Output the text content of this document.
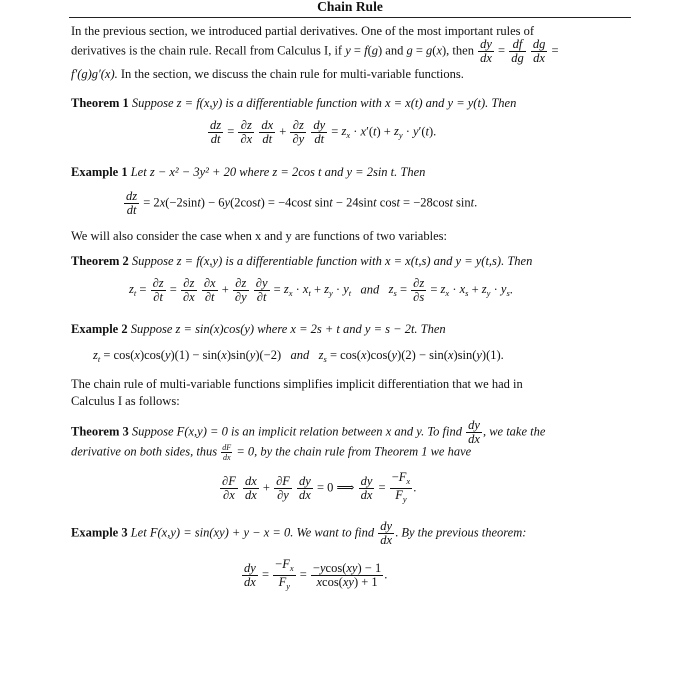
Chain Rule
In the previous section, we introduced partial derivatives. One of the most important rules of
derivatives is the chain rule. Recall from Calculus I, if y = f(g) and g = g(x), then $\frac{dy}{dx} = \frac{df}{dg}$
$\frac{dg}{dx}$ =
f′(g)g′(x). In the section, we discuss the chain rule for multi-variable functions.
Theorem 1 Suppose z = f(x,y) is a differentiable function with x = x(t) and y = y(t). Then
$\frac{dz}{dt} = \frac{\partial z}{\partial x}$
$\frac{dx}{dt} + \frac{\partial z}{\partial y}$
$\frac{dy}{dt} = z_x \cdot x'(t) + z_y \cdot y'(t)$.
Example 1 Let z − x² − 3y² + 20 where z = 2cos t and y = 2sin t. Then
$\frac{dz}{dt} = 2x(-2\sin t) - 6y(2\cos t) = -4\cos t$ sint − 24sint cost = −28cost sint.
We will also consider the case when x and y are functions of two variables:
Theorem 2 Suppose z = f(x,y) is a differentiable function with x = x(t,s) and y = y(t,s). Then
$z_t = \frac{\partial z}{\partial t} = \frac{\partial z}{\partial x}$
$\frac{\partial x}{\partial t} + \frac{\partial z}{\partial y}$
$\frac{\partial y}{\partial t} = z_x \cdot x_t + z_y \cdot y_t$ and $z_s = \frac{\partial z}{\partial s} = z_x \cdot x_s + z_y \cdot y_s$.
Example 2 Suppose z = sin(x)cos(y) where x = 2s + t and y = s − 2t. Then
$z_t = \cos(x)\cos(y)(1) - \sin(x)\sin(y)(-2)$   and $z_s = \cos(x)\cos(y)(2) - \sin(x)\sin(y)(1)$.
The chain rule of multi-variable functions simplifies implicit differentiation that we had in Calculus I as follows:
Theorem 3 Suppose F(x,y) = 0 is an implicit relation between x and y. To find $\frac{dy}{dx}$ , we take the
derivative on both sides, thus $\frac{dF}{dx} = 0$, by the chain rule from Theorem 1 we have
$\frac{\partial F}{\partial x}$
$\frac{dx}{dx} + \frac{\partial F}{\partial y}$
$\frac{dy}{dx} = 0$ ⟹ $\frac{dy}{dx} = \frac{-F_x}{F_y}$ .
Example 3 Let F(x,y) = sin(xy) + y − x = 0. We want to find $\frac{dy}{dx}$ . By the previous theorem:
$\frac{dy}{dx} = \frac{-F_x}{F_y} = \frac{-ycos(xy) - 1}{xcos(xy) + 1}$ .
